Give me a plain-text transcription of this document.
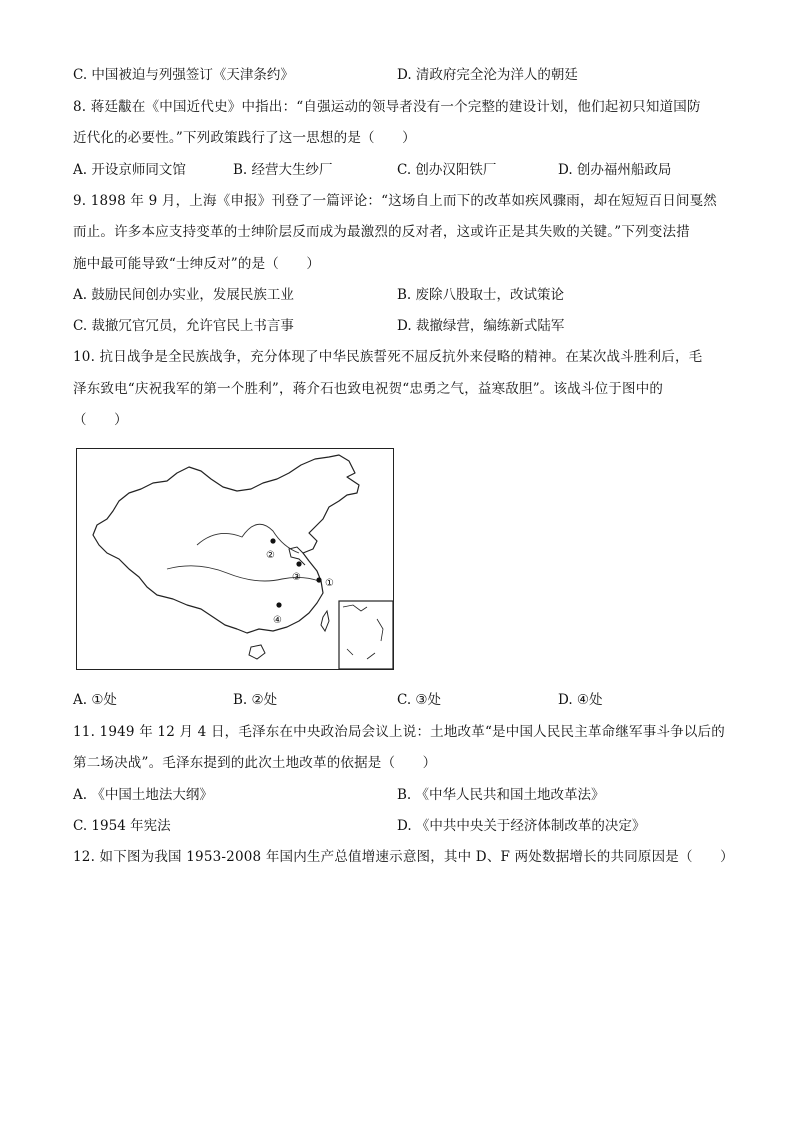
C. 中国被迫与列强签订《天津条约》	D. 清政府完全沦为洋人的朝廷
8. 蒋廷黻在《中国近代史》中指出：“自强运动的领导者没有一个完整的建设计划，他们起初只知道国防
近代化的必要性。”下列政策践行了这一思想的是（　　）
A. 开设京师同文馆	B. 经营大生纱厂	C. 创办汉阳铁厂	D. 创办福州船政局
9. 1898 年 9 月，上海《申报》刊登了一篇评论：“这场自上而下的改革如疾风骤雨，却在短短百日间戛然
而止。许多本应支持变革的士绅阶层反而成为最激烈的反对者，这或许正是其失败的关键。”下列变法措
施中最可能导致“士绅反对”的是（　　）
A. 鼓励民间创办实业，发展民族工业	B. 废除八股取士，改试策论
C. 裁撤冗官冗员，允许官民上书言事	D. 裁撤绿营，编练新式陆军
10. 抗日战争是全民族战争，充分体现了中华民族誓死不屈反抗外来侵略的精神。在某次战斗胜利后，毛
泽东致电“庆祝我军的第一个胜利”，蒋介石也致电祝贺“忠勇之气，益寒敌胆”。该战斗位于图中的
（　　）
②
③
①
④
A. ①处	B. ②处	C. ③处	D. ④处
11. 1949 年 12 月 4 日，毛泽东在中央政治局会议上说：土地改革“是中国人民民主革命继军事斗争以后的
第二场决战”。毛泽东提到的此次土地改革的依据是（　　）
A. 《中国土地法大纲》	B. 《中华人民共和国土地改革法》
C. 1954 年宪法	D. 《中共中央关于经济体制改革的决定》
12. 如下图为我国 1953-2008 年国内生产总值增速示意图，其中 D、F 两处数据增长的共同原因是（　　）
